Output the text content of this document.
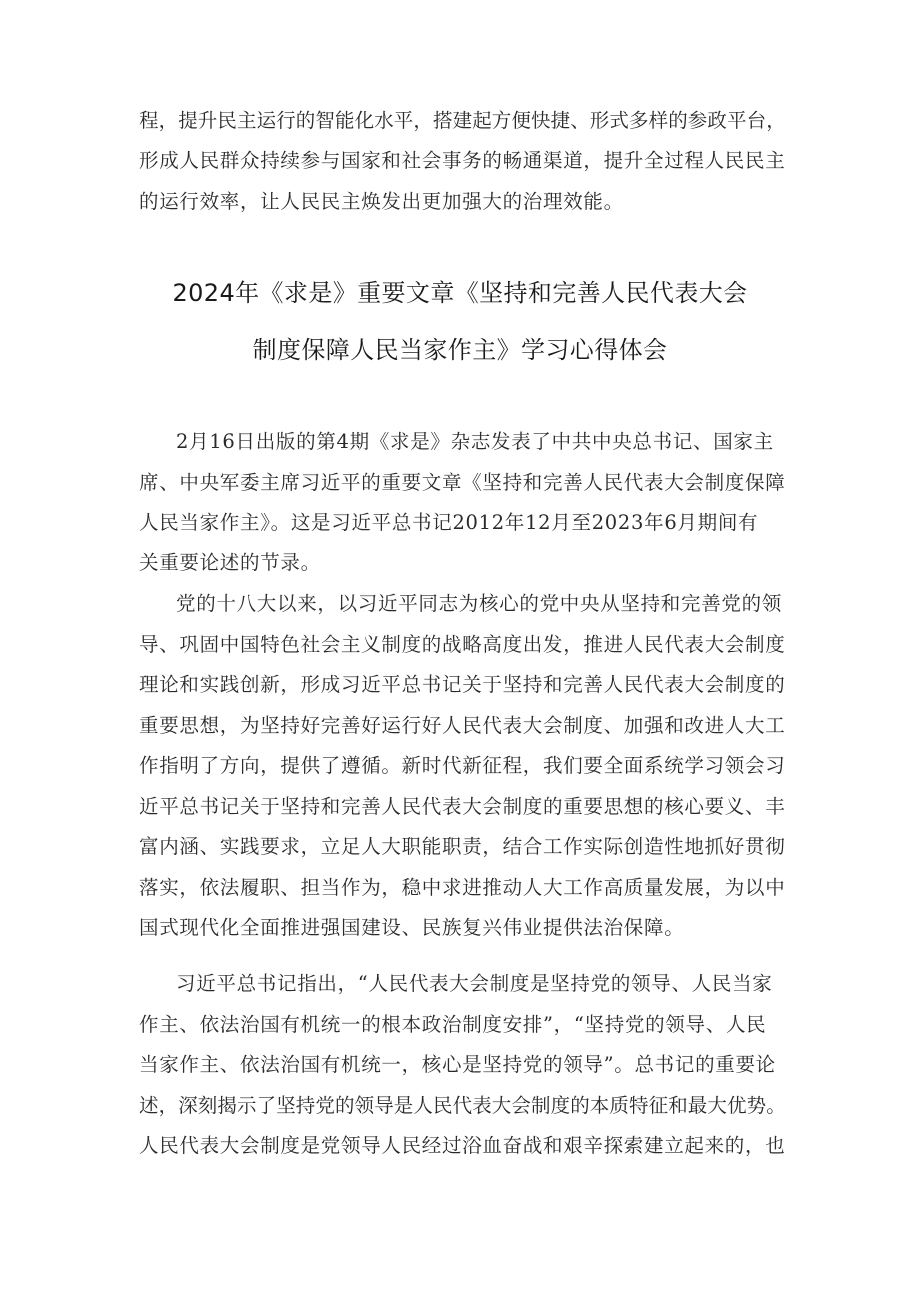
程，提升民主运行的智能化水平，搭建起方便快捷、形式多样的参政平台，
形成人民群众持续参与国家和社会事务的畅通渠道，提升全过程人民民主
的运行效率，让人民民主焕发出更加强大的治理效能。
2024年《求是》重要文章《坚持和完善人民代表大会
制度保障人民当家作主》学习心得体会
2月16日出版的第4期《求是》杂志发表了中共中央总书记、国家主
席、中央军委主席习近平的重要文章《坚持和完善人民代表大会制度保障
人民当家作主》。这是习近平总书记2012年12月至2023年6月期间有
关重要论述的节录。
党的十八大以来，以习近平同志为核心的党中央从坚持和完善党的领
导、巩固中国特色社会主义制度的战略高度出发，推进人民代表大会制度
理论和实践创新，形成习近平总书记关于坚持和完善人民代表大会制度的
重要思想，为坚持好完善好运行好人民代表大会制度、加强和改进人大工
作指明了方向，提供了遵循。新时代新征程，我们要全面系统学习领会习
近平总书记关于坚持和完善人民代表大会制度的重要思想的核心要义、丰
富内涵、实践要求，立足人大职能职责，结合工作实际创造性地抓好贯彻
落实，依法履职、担当作为，稳中求进推动人大工作高质量发展，为以中
国式现代化全面推进强国建设、民族复兴伟业提供法治保障。
习近平总书记指出，“人民代表大会制度是坚持党的领导、人民当家
作主、依法治国有机统一的根本政治制度安排”，“坚持党的领导、人民
当家作主、依法治国有机统一，核心是坚持党的领导”。总书记的重要论
述，深刻揭示了坚持党的领导是人民代表大会制度的本质特征和最大优势。
人民代表大会制度是党领导人民经过浴血奋战和艰辛探索建立起来的，也
